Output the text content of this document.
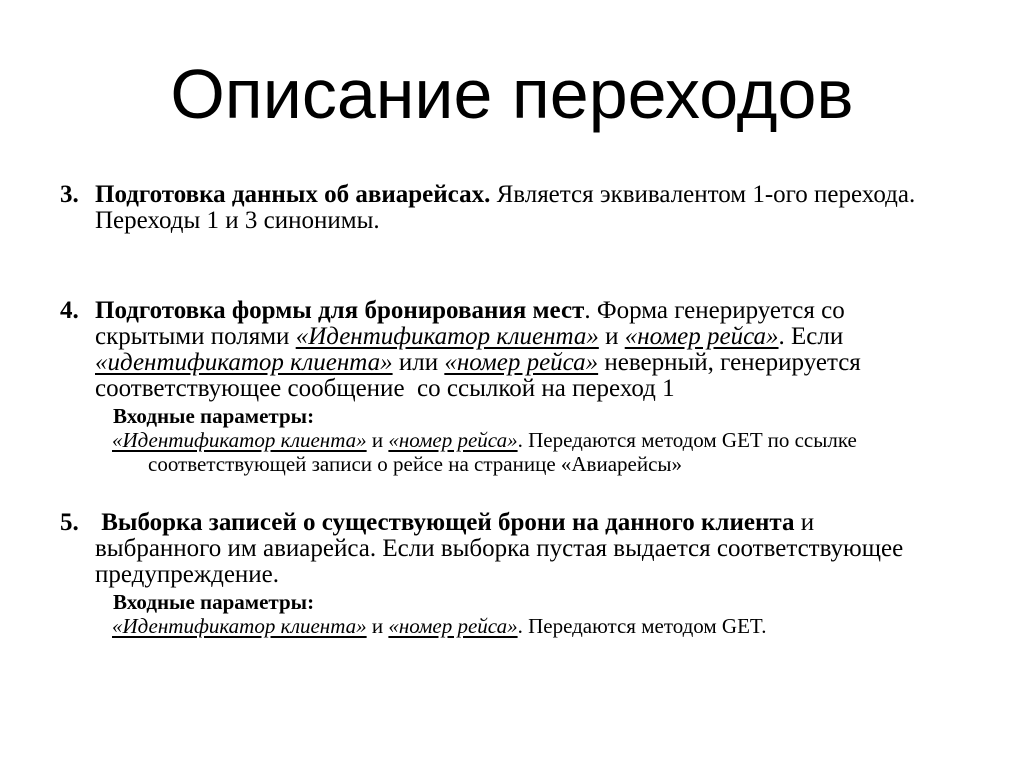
Описание переходов
3. Подготовка данных об авиарейсах. Является эквивалентом 1-ого перехода.
Переходы 1 и 3 синонимы.
4. Подготовка формы для бронирования мест. Форма генерируется со
скрытыми полями «Идентификатор клиента» и «номер рейса». Если
«идентификатор клиента» или «номер рейса» неверный, генерируется
соответствующее сообщение  со ссылкой на переход 1
Входные параметры:
«Идентификатор клиента» и «номер рейса». Передаются методом GET по ссылке
соответствующей записи о рейсе на странице «Авиарейсы»
5. Выборка записей о существующей брони на данного клиента и
выбранного им авиарейса. Если выборка пустая выдается соответствующее
предупреждение.
Входные параметры:
«Идентификатор клиента» и «номер рейса». Передаются методом GET.
